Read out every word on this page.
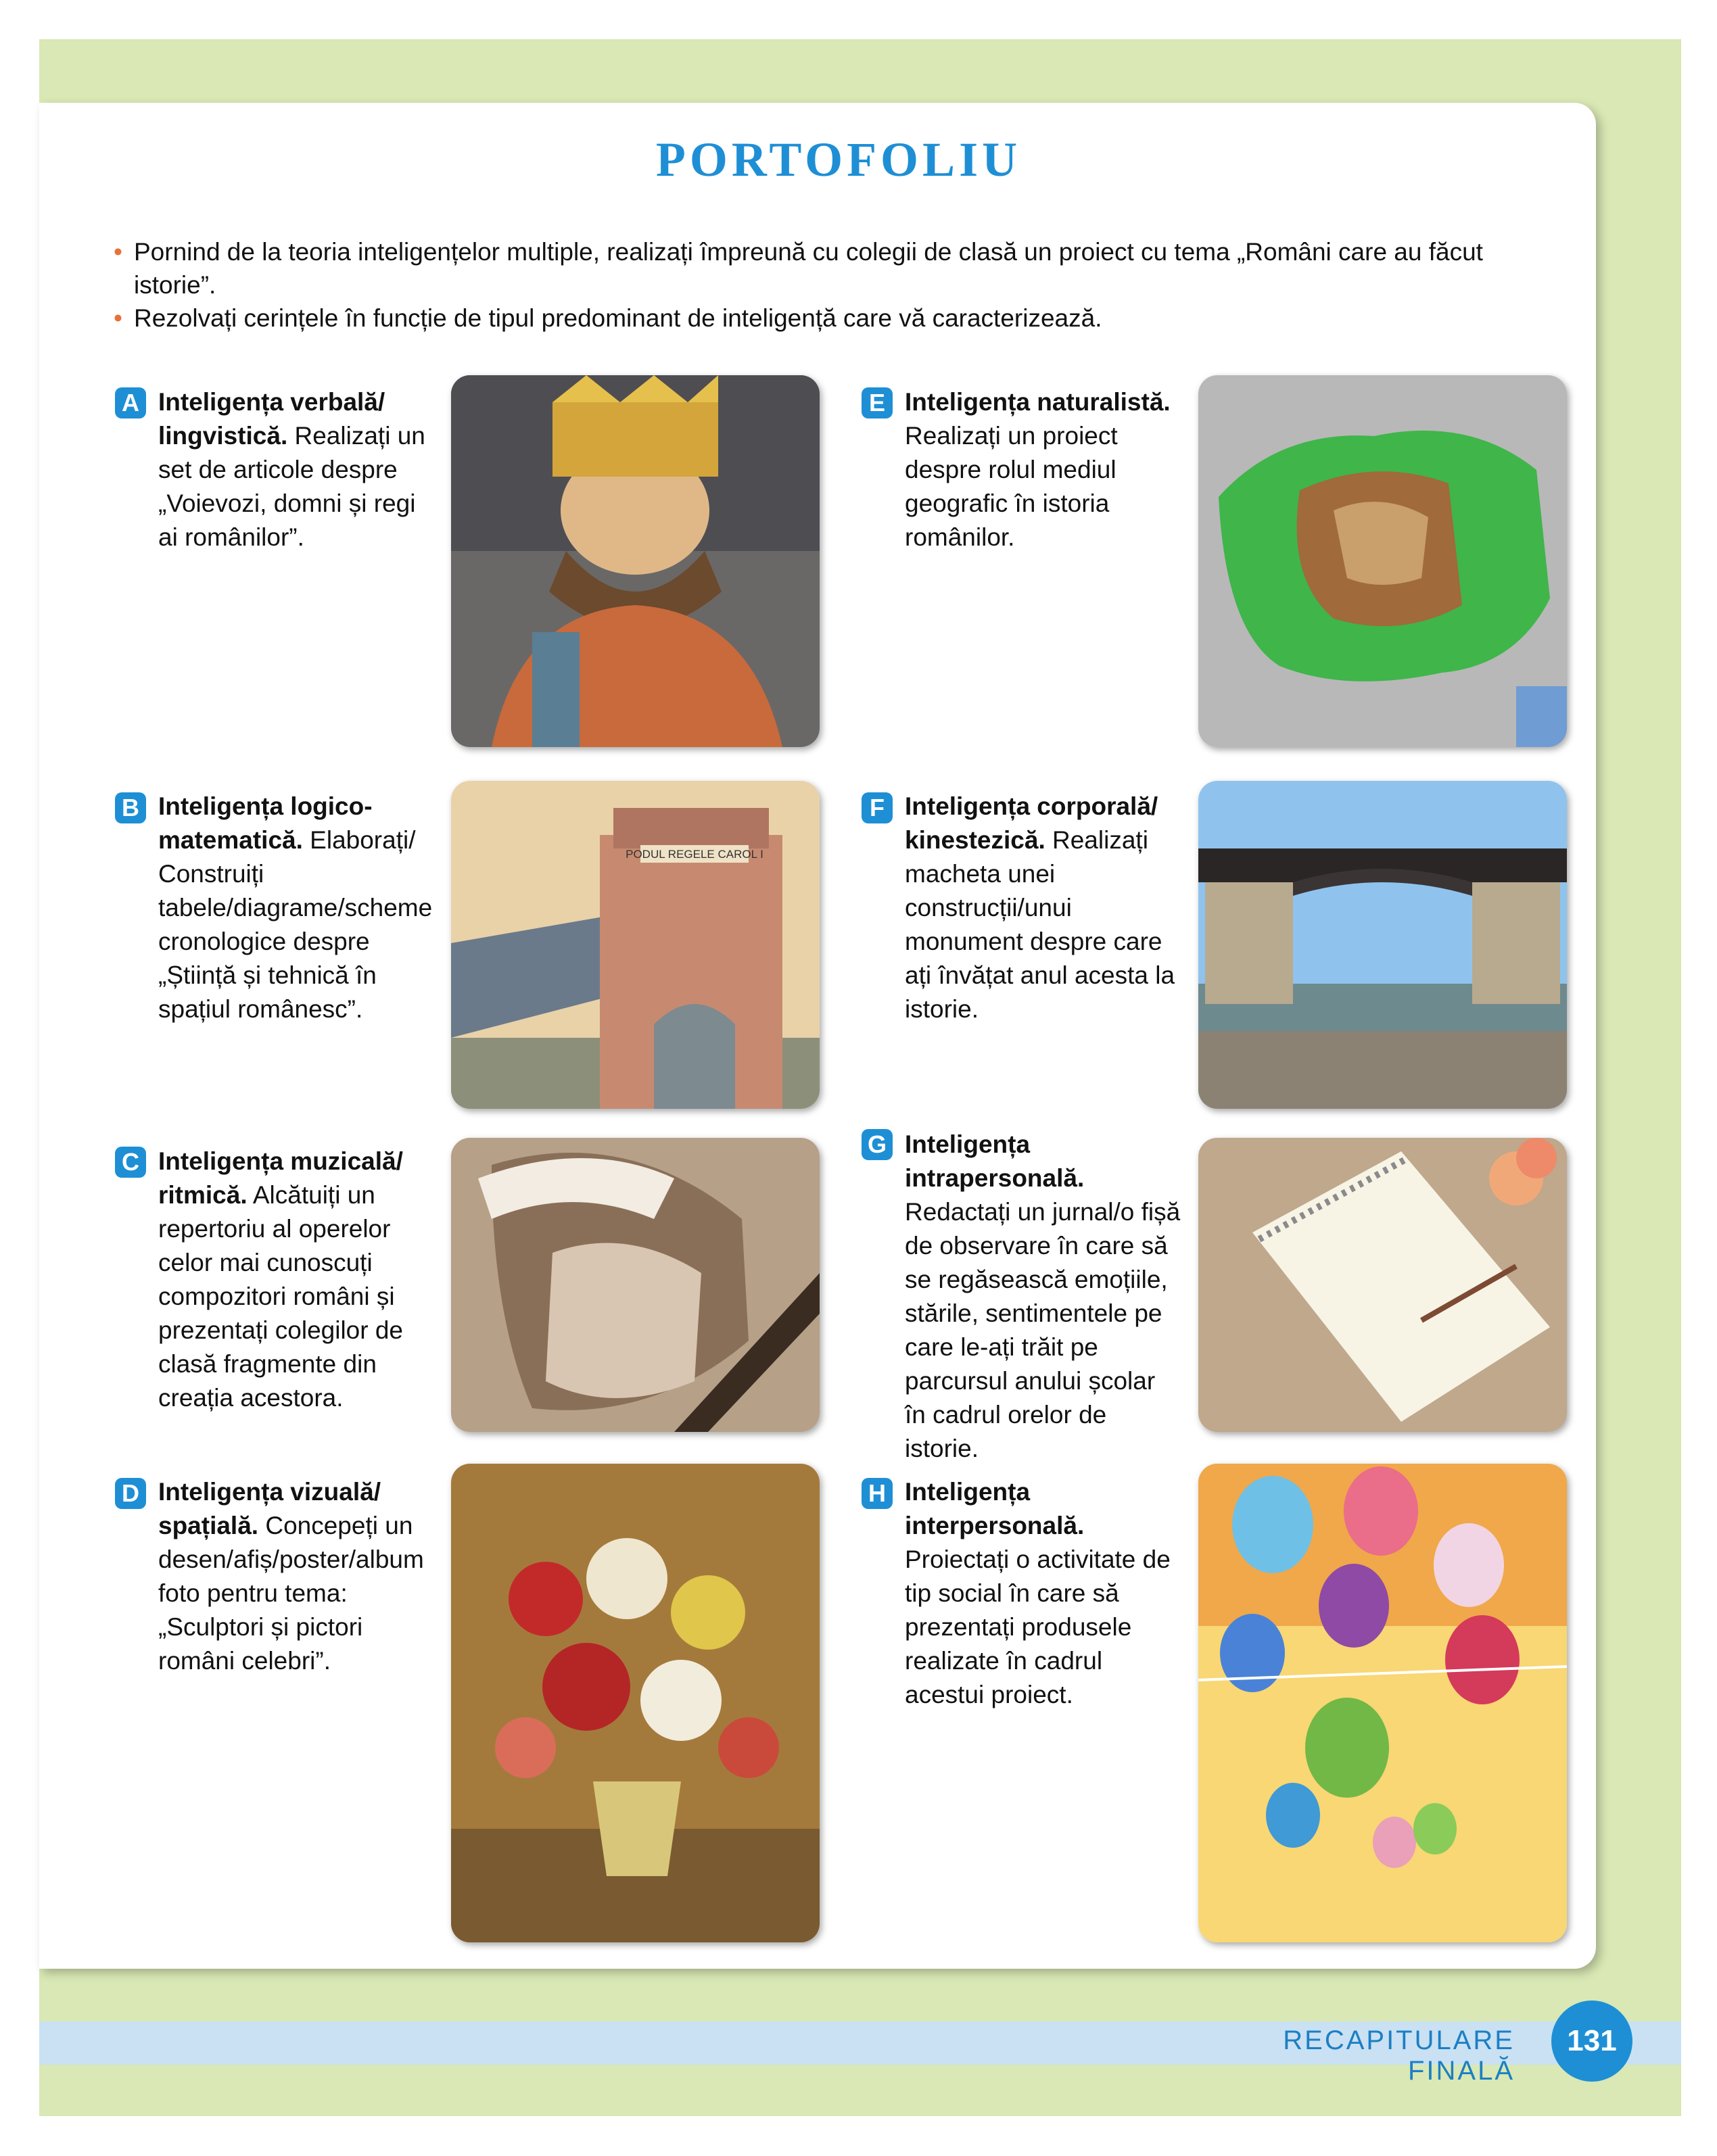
RECAPITULARE FINALĂ
131
PORTOFOLIU

• Pornind de la teoria inteligențelor multiple, realizați împreună cu colegii de clasă un proiect cu tema „Români care au făcut istorie”.

• Rezolvați cerințele în funcție de tipul predominant de inteligență care vă caracterizează.

A Inteligența verbală/ lingvistică. Realizați un set de articole despre „Voievozi, domni și regi ai românilor”.
B Inteligența logico-matematică. Elaborați/ Construiți tabele/diagrame/scheme cronologice despre „Știință și tehnică în spațiul românesc”.
PODUL REGELE CAROL I
C Inteligența muzicală/ ritmică. Alcătuiți un repertoriu al operelor celor mai cunoscuți compozitori români și prezentați colegilor de clasă fragmente din creația acestora.
D Inteligența vizuală/ spațială. Concepeți un desen/afiș/poster/album foto pentru tema: „Sculptori și pictori români celebri”.
E Inteligența naturalistă. Realizați un proiect despre rolul mediul geografic în istoria românilor.
F Inteligența corporală/ kinestezică. Realizați macheta unei construcții/unui monument despre care ați învățat anul acesta la istorie.
G Inteligența intrapersonală. Redactați un jurnal/o fișă de observare în care să se regăsească emoțiile, stările, sentimentele pe care le-ați trăit pe parcursul anului școlar în cadrul orelor de istorie.
H Inteligența interpersonală. Proiectați o activitate de tip social în care să prezentați produsele realizate în cadrul acestui proiect.
